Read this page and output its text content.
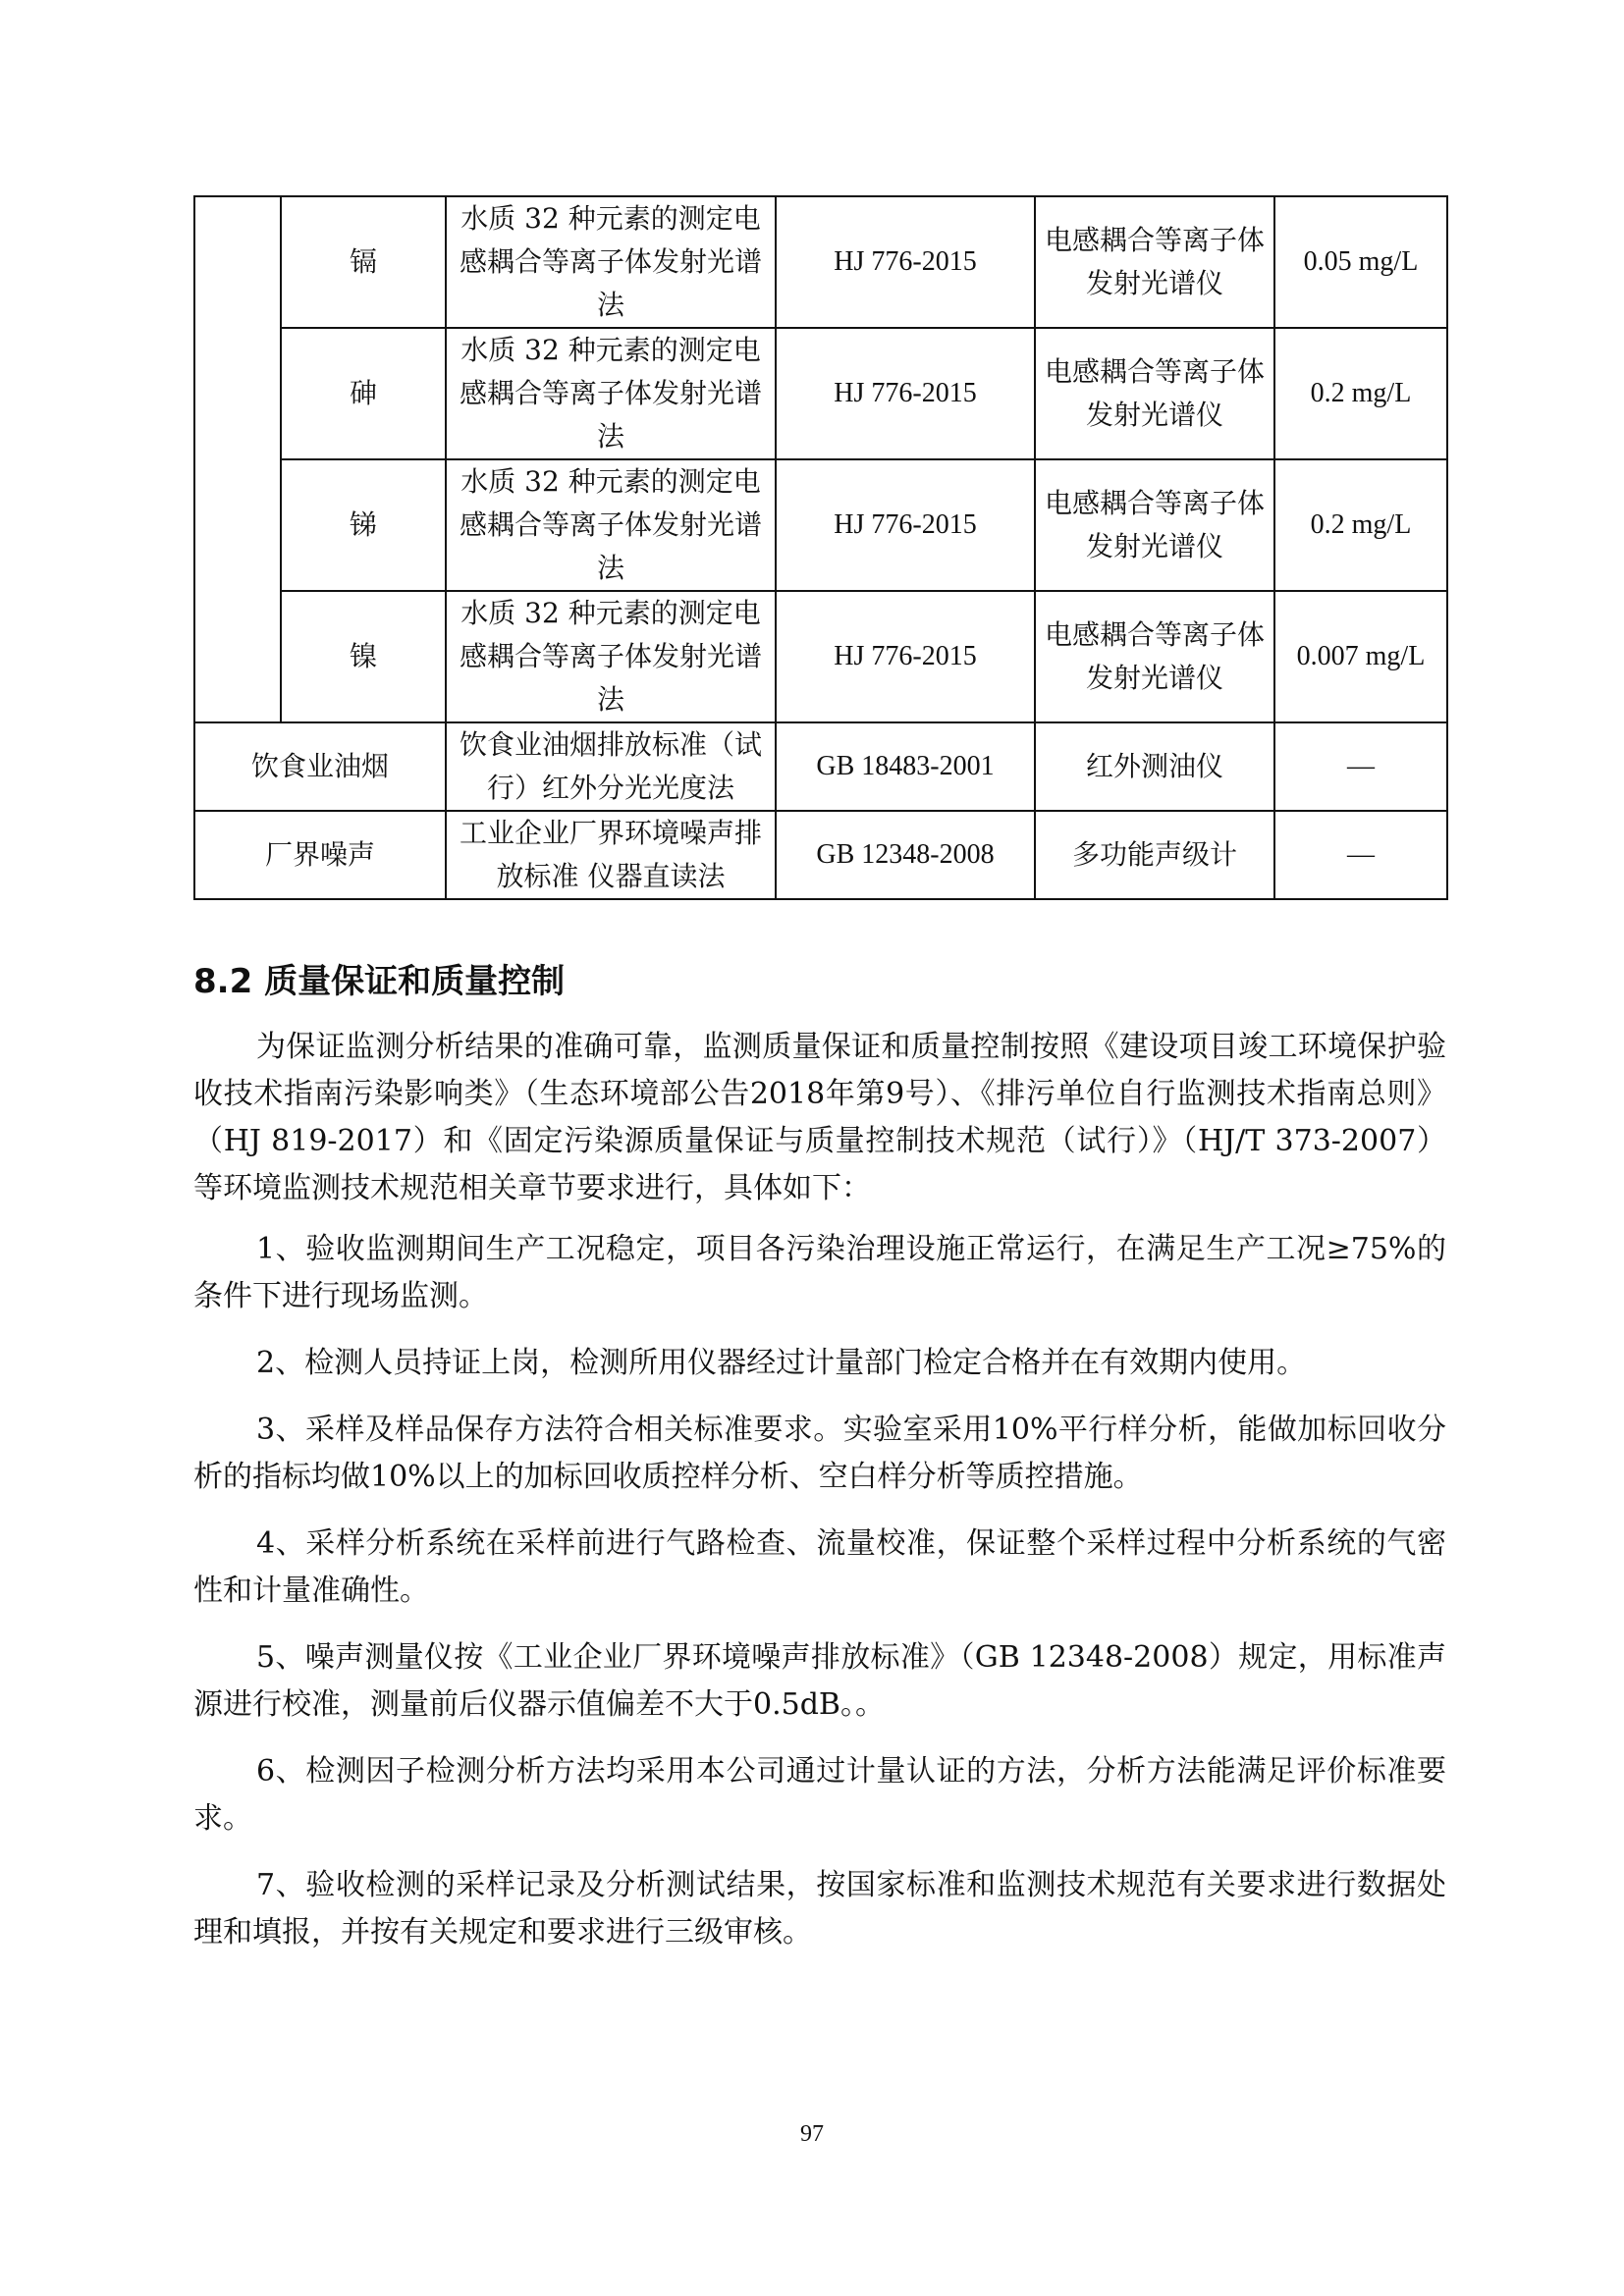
	镉	水质 32 种元素的测定电感耦合等离子体发射光谱法	HJ 776-2015	电感耦合等离子体发射光谱仪	0.05 mg/L
	砷	水质 32 种元素的测定电感耦合等离子体发射光谱法	HJ 776-2015	电感耦合等离子体发射光谱仪	0.2 mg/L
	锑	水质 32 种元素的测定电感耦合等离子体发射光谱法	HJ 776-2015	电感耦合等离子体发射光谱仪	0.2 mg/L
	镍	水质 32 种元素的测定电感耦合等离子体发射光谱法	HJ 776-2015	电感耦合等离子体发射光谱仪	0.007 mg/L
饮食业油烟		饮食业油烟排放标准（试行）红外分光光度法	GB 18483-2001	红外测油仪	—
厂界噪声		工业企业厂界环境噪声排放标准 仪器直读法	GB 12348-2008	多功能声级计	—
8.2 质量保证和质量控制

为保证监测分析结果的准确可靠，监测质量保证和质量控制按照《建设项目竣工环境保护验收技术指南污染影响类》（生态环境部公告2018年第9号）、《排污单位自行监测技术指南总则》（HJ 819-2017）和《固定污染源质量保证与质量控制技术规范（试行）》（HJ/T 373-2007）等环境监测技术规范相关章节要求进行，具体如下：

1、验收监测期间生产工况稳定，项目各污染治理设施正常运行，在满足生产工况≥75%的条件下进行现场监测。

2、检测人员持证上岗，检测所用仪器经过计量部门检定合格并在有效期内使用。

3、采样及样品保存方法符合相关标准要求。实验室采用10%平行样分析，能做加标回收分析的指标均做10%以上的加标回收质控样分析、空白样分析等质控措施。

4、采样分析系统在采样前进行气路检查、流量校准，保证整个采样过程中分析系统的气密性和计量准确性。

5、噪声测量仪按《工业企业厂界环境噪声排放标准》（GB 12348-2008）规定，用标准声源进行校准，测量前后仪器示值偏差不大于0.5dB。。

6、检测因子检测分析方法均采用本公司通过计量认证的方法，分析方法能满足评价标准要求。

7、验收检测的采样记录及分析测试结果，按国家标准和监测技术规范有关要求进行数据处理和填报，并按有关规定和要求进行三级审核。

97
